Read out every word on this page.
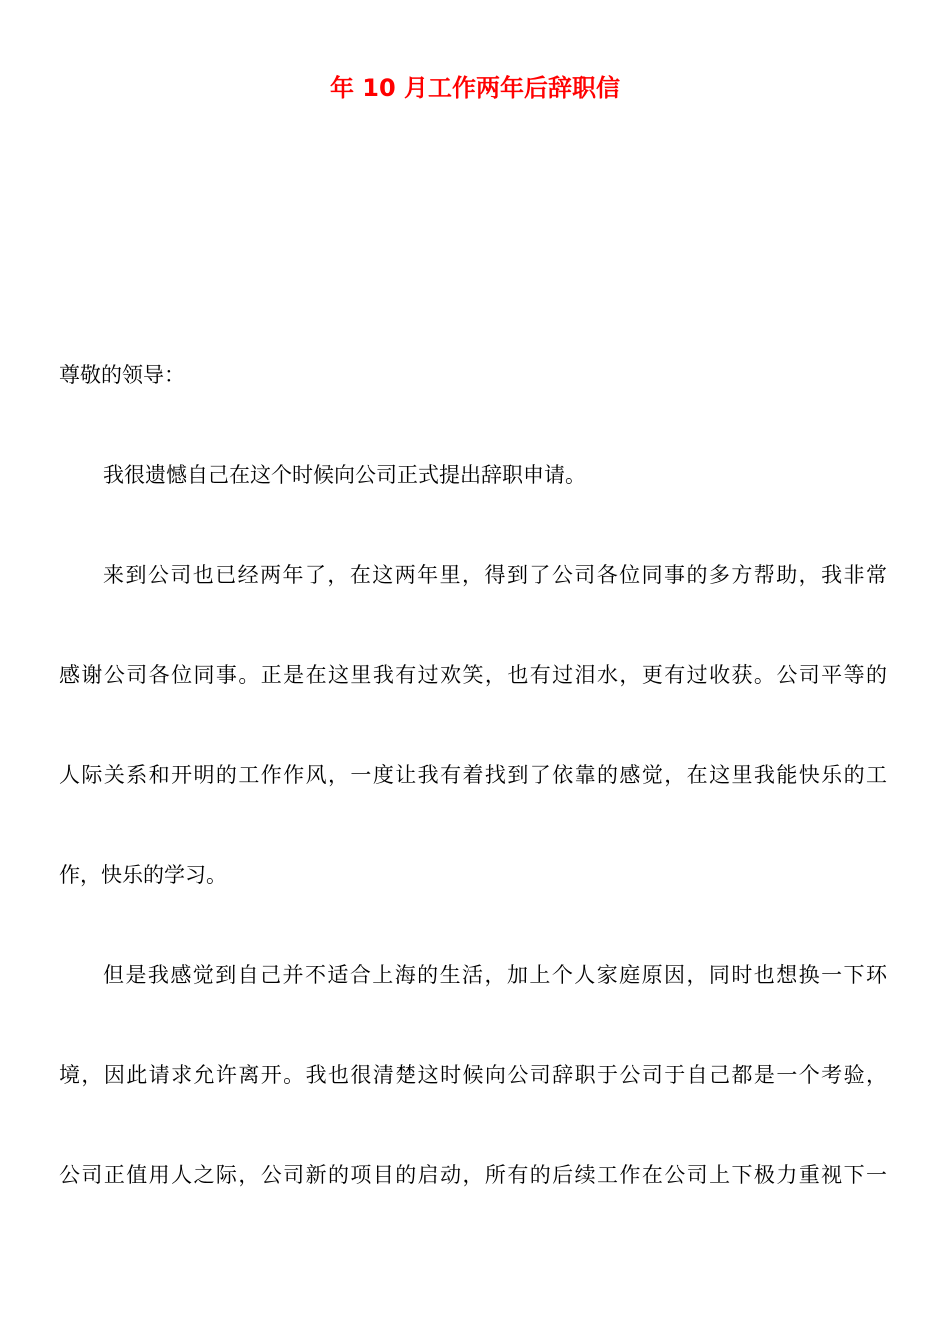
年 10 月工作两年后辞职信

尊敬的领导：

我很遗憾自己在这个时候向公司正式提出辞职申请。

来到公司也已经两年了，在这两年里，得到了公司各位同事的多方帮助，我非常

感谢公司各位同事。正是在这里我有过欢笑，也有过泪水，更有过收获。公司平等的

人际关系和开明的工作作风，一度让我有着找到了依靠的感觉，在这里我能快乐的工

作，快乐的学习。

但是我感觉到自己并不适合上海的生活，加上个人家庭原因，同时也想换一下环

境，因此请求允许离开。我也很清楚这时候向公司辞职于公司于自己都是一个考验，

公司正值用人之际，公司新的项目的启动，所有的后续工作在公司上下极力重视下一
